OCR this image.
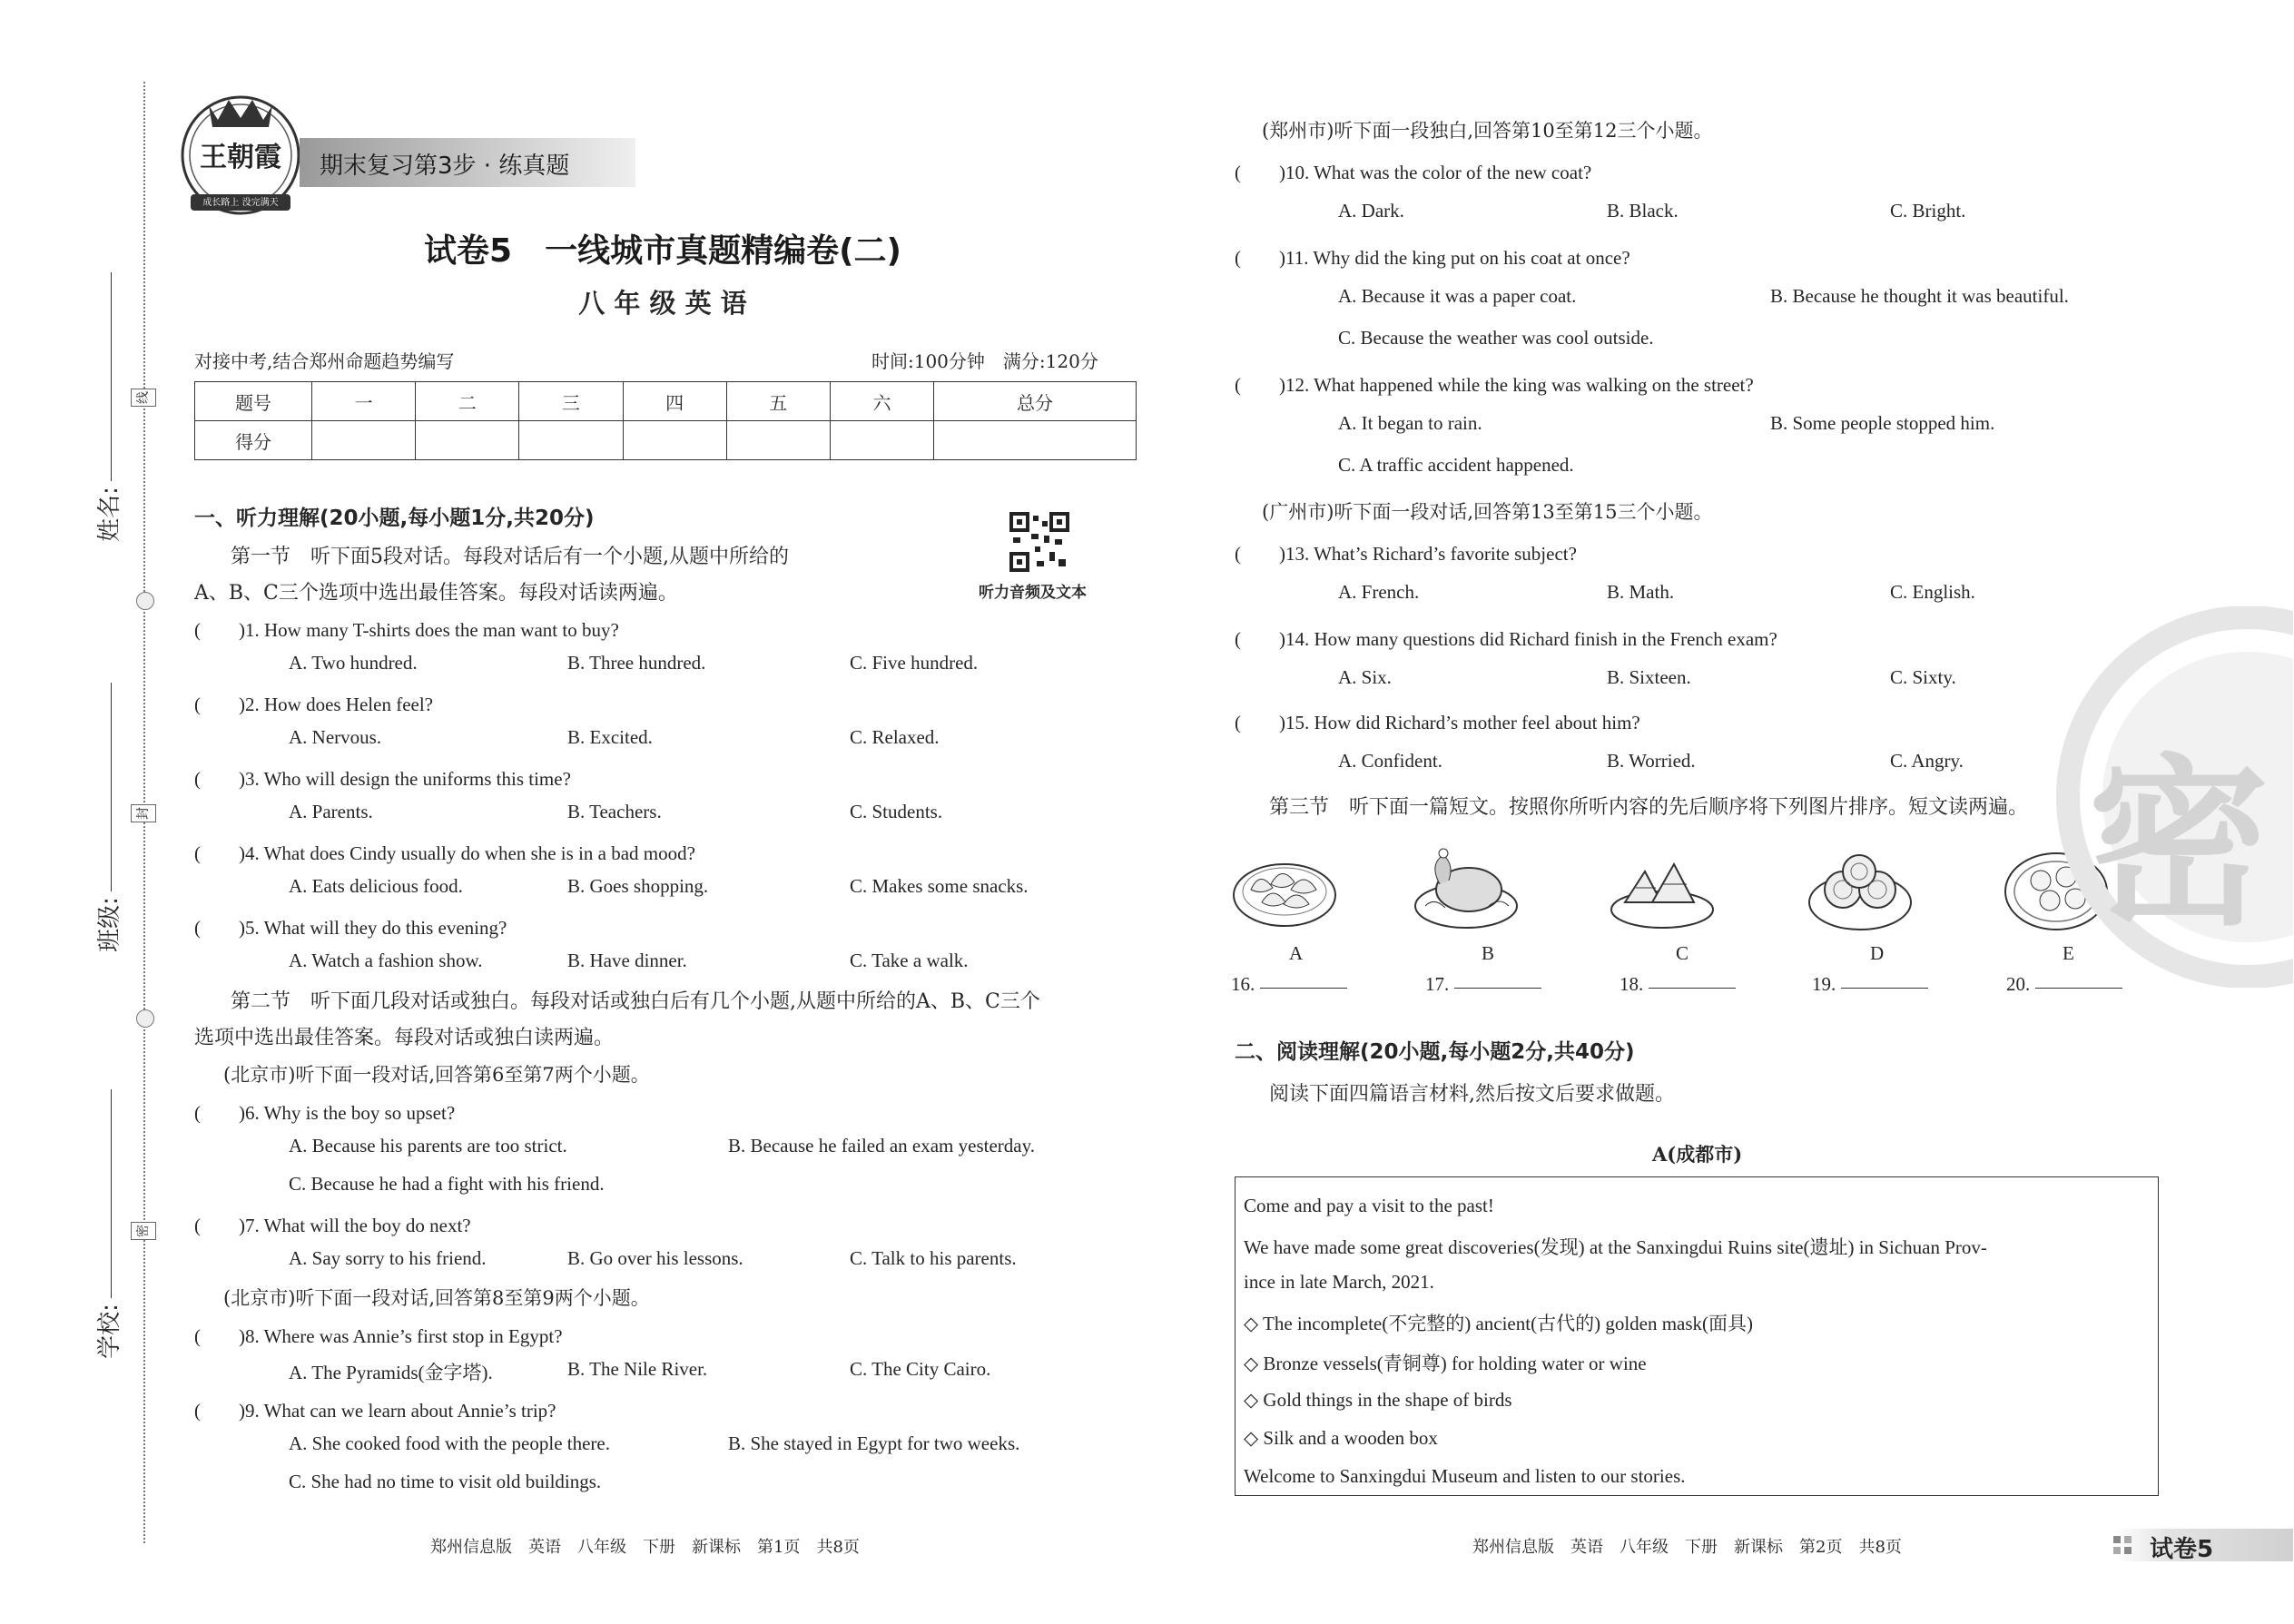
线
封
密
姓名:
班级:
学校:
王朝霞
成长路上 没完满天
期末复习第3步 · 练真题
试卷5　一线城市真题精编卷(二)
八 年 级 英 语
对接中考,结合郑州命题趋势编写	时间:100分钟　满分:120分
题号	一	二	三	四	五	六	总分
得分							
一、听力理解(20小题,每小题1分,共20分)
听力音频及文本
第一节　听下面5段对话。每段对话后有一个小题,从题中所给的
A、B、C三个选项中选出最佳答案。每段对话读两遍。
(　　)1. How many T-shirts does the man want to buy?
A. Two hundred.	B. Three hundred.	C. Five hundred.
(　　)2. How does Helen feel?
A. Nervous.	B. Excited.	C. Relaxed.
(　　)3. Who will design the uniforms this time?
A. Parents.	B. Teachers.	C. Students.
(　　)4. What does Cindy usually do when she is in a bad mood?
A. Eats delicious food.	B. Goes shopping.	C. Makes some snacks.
(　　)5. What will they do this evening?
A. Watch a fashion show.	B. Have dinner.	C. Take a walk.
第二节　听下面几段对话或独白。每段对话或独白后有几个小题,从题中所给的A、B、C三个
选项中选出最佳答案。每段对话或独白读两遍。
(北京市)听下面一段对话,回答第6至第7两个小题。
(　　)6. Why is the boy so upset?
A. Because his parents are too strict.	B. Because he failed an exam yesterday.
C. Because he had a fight with his friend.
(　　)7. What will the boy do next?
A. Say sorry to his friend.	B. Go over his lessons.	C. Talk to his parents.
(北京市)听下面一段对话,回答第8至第9两个小题。
(　　)8. Where was Annie’s first stop in Egypt?
A. The Pyramids(金字塔).	B. The Nile River.	C. The City Cairo.
(　　)9. What can we learn about Annie’s trip?
A. She cooked food with the people there.	B. She stayed in Egypt for two weeks.
C. She had no time to visit old buildings.
郑州信息版　英语　八年级　下册　新课标　第1页　共8页
(郑州市)听下面一段独白,回答第10至第12三个小题。
(　　)10. What was the color of the new coat?
A. Dark.	B. Black.	C. Bright.
(　　)11. Why did the king put on his coat at once?
A. Because it was a paper coat.	B. Because he thought it was beautiful.
C. Because the weather was cool outside.
(　　)12. What happened while the king was walking on the street?
A. It began to rain.	B. Some people stopped him.
C. A traffic accident happened.
(广州市)听下面一段对话,回答第13至第15三个小题。
(　　)13. What’s Richard’s favorite subject?
A. French.	B. Math.	C. English.
(　　)14. How many questions did Richard finish in the French exam?
A. Six.	B. Sixteen.	C. Sixty.
(　　)15. How did Richard’s mother feel about him?
A. Confident.	B. Worried.	C. Angry.
第三节　听下面一篇短文。按照你所听内容的先后顺序将下列图片排序。短文读两遍。
A	B	C	D	E
16.	17.	18.	19.	20.
二、阅读理解(20小题,每小题2分,共40分)
阅读下面四篇语言材料,然后按文后要求做题。
A(成都市)
Come and pay a visit to the past!
We have made some great discoveries(发现) at the Sanxingdui Ruins site(遗址) in Sichuan Prov-
ince in late March, 2021.
◇ The incomplete(不完整的) ancient(古代的) golden mask(面具)
◇ Bronze vessels(青铜尊) for holding water or wine
◇ Gold things in the shape of birds
◇ Silk and a wooden box
Welcome to Sanxingdui Museum and listen to our stories.
密
郑州信息版　英语　八年级　下册　新课标　第2页　共8页	试卷5
